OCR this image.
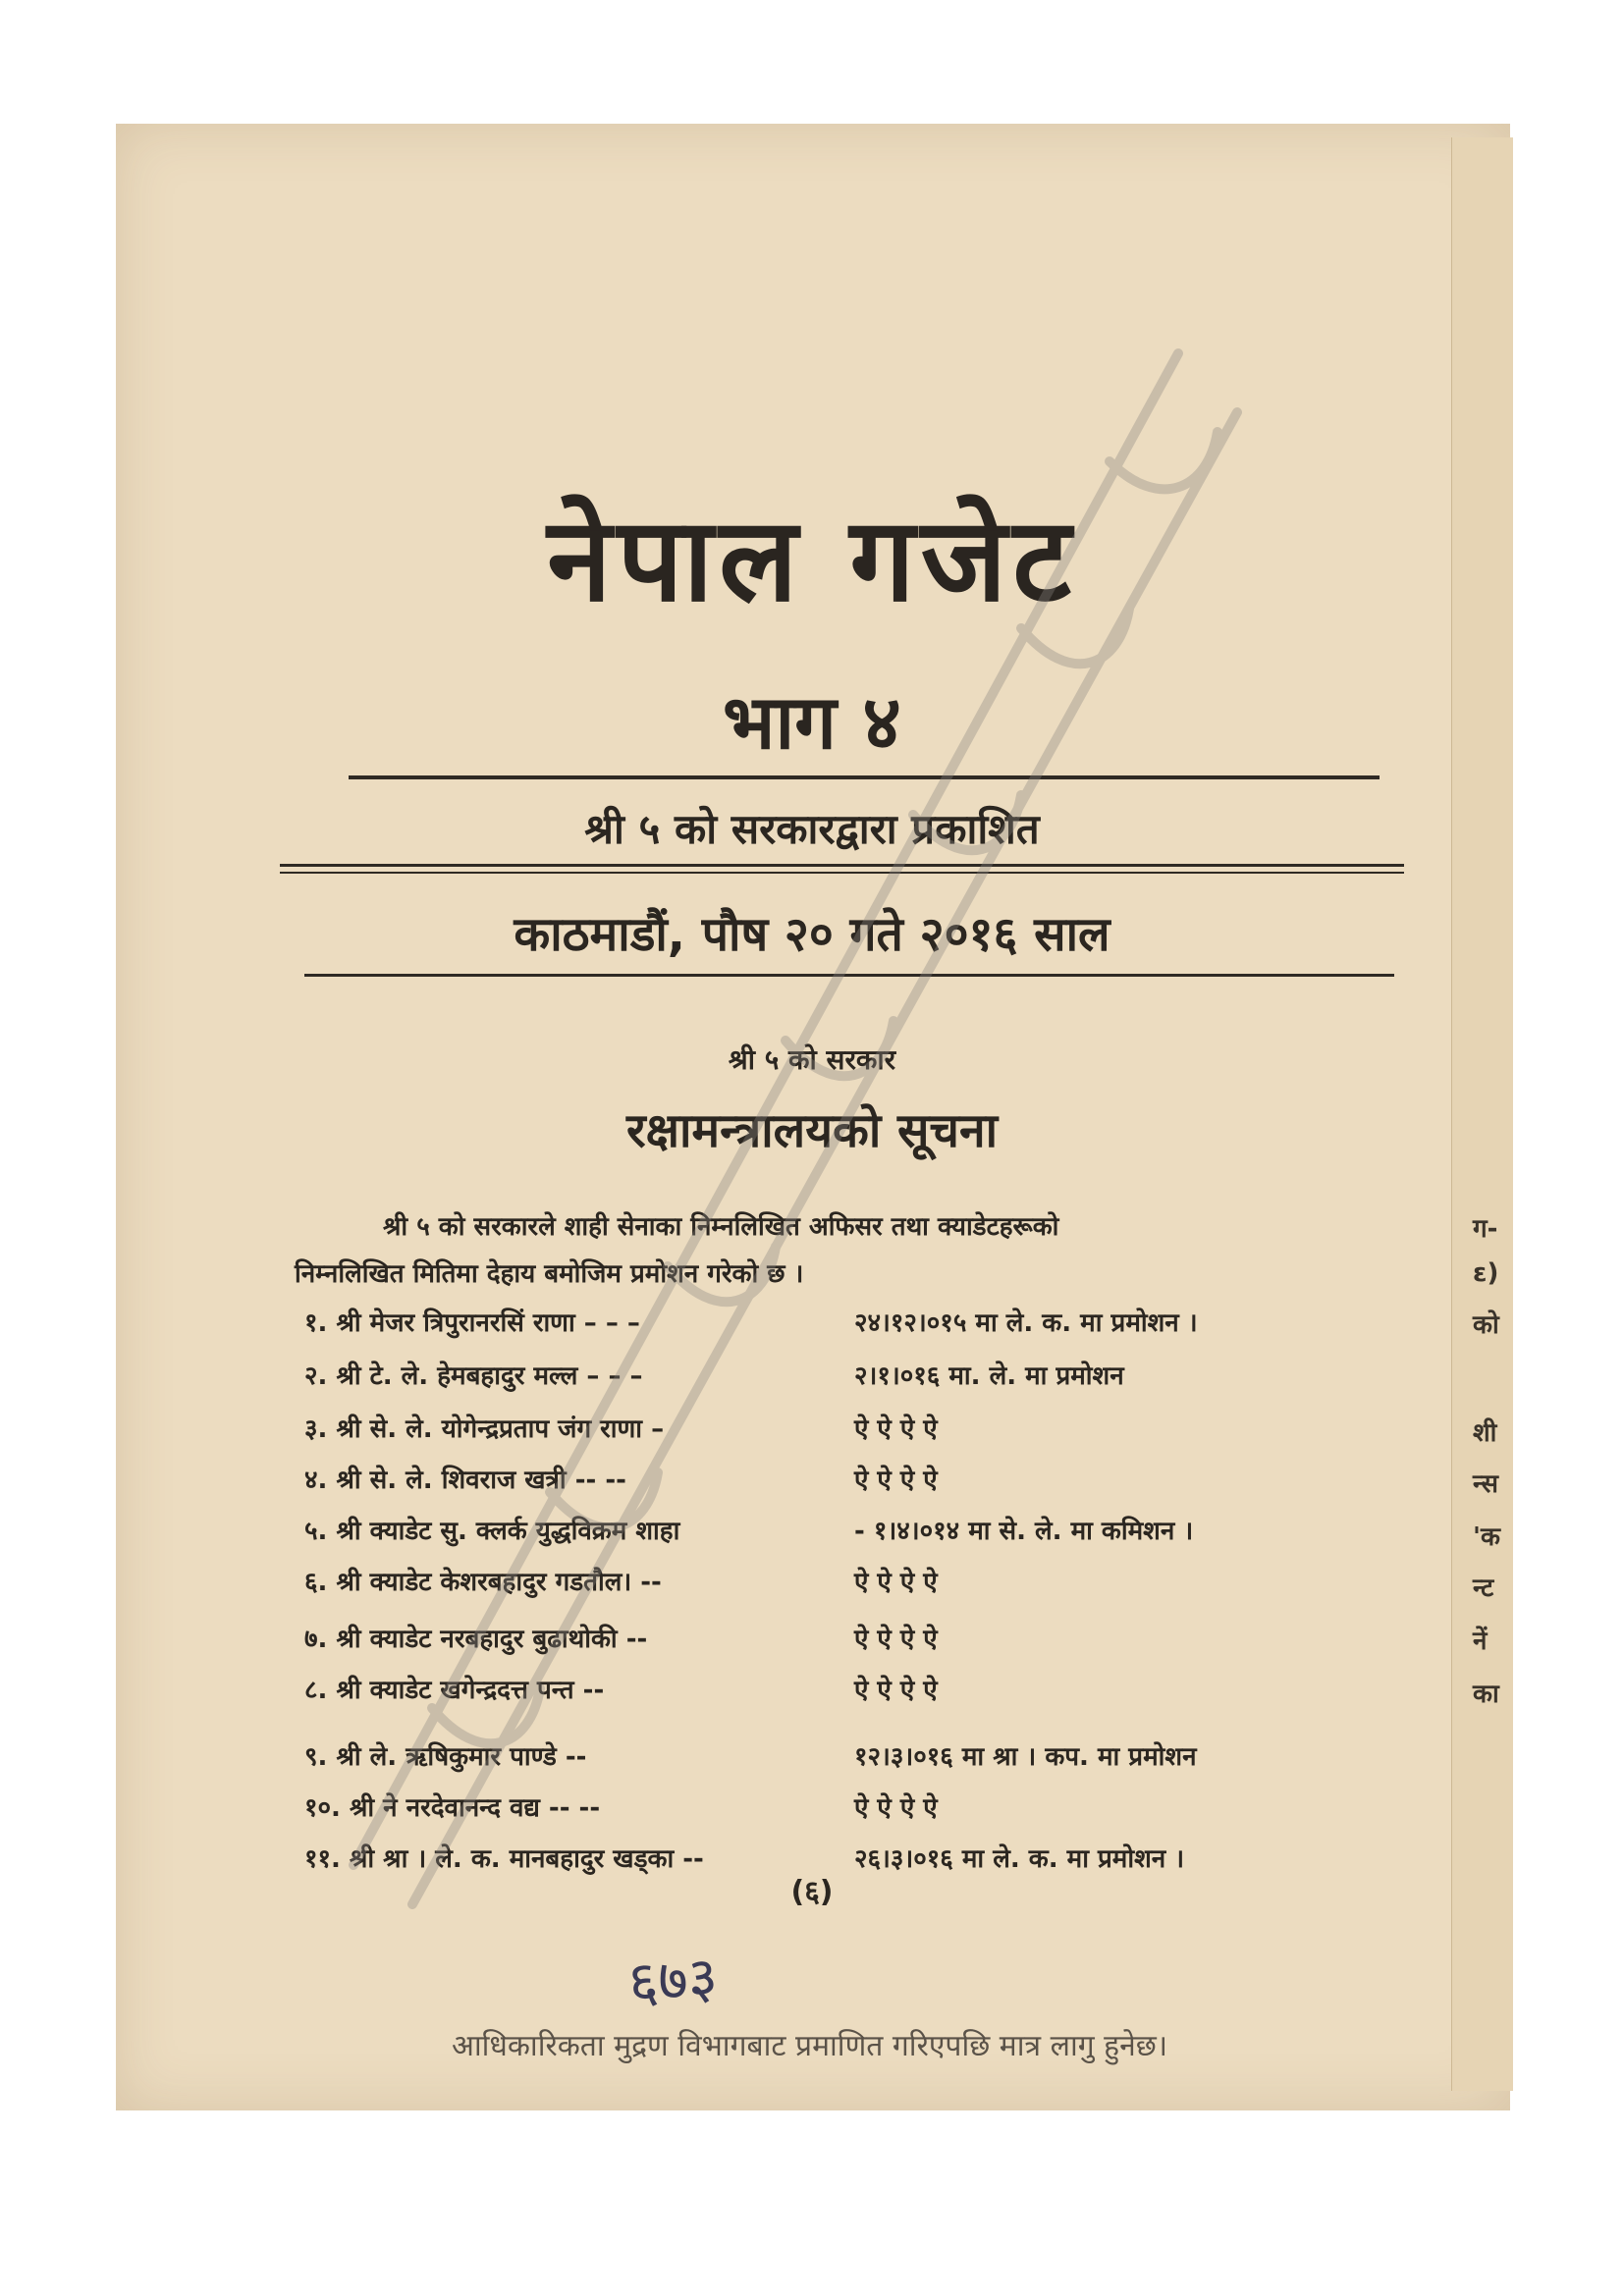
नेपाल गजेट
भाग ४
श्री ५ को सरकारद्वारा प्रकाशित
काठमाडौं, पौष २० गते २०१६ साल
श्री ५ को सरकार
रक्षामन्त्रालयको सूचना
श्री ५ को सरकारले शाही सेनाका निम्नलिखित अफिसर तथा क्याडेटहरूको
निम्नलिखित मितिमा देहाय बमोजिम प्रमोशन गरेको छ ।
१. श्री मेजर त्रिपुरानरसिं राणा – – –	२४।१२।०१५ मा ले. क. मा प्रमोशन ।
२. श्री टे. ले. हेमबहादुर मल्ल – – –	२।१।०१६ मा. ले. मा प्रमोशन
३. श्री से. ले. योगेन्द्रप्रताप जंग राणा –	ऐ ऐ ऐ ऐ
४. श्री से. ले. शिवराज खत्री -- --	ऐ ऐ ऐ ऐ
५. श्री क्याडेट सु. क्लर्क युद्धविक्रम शाहा	- १।४।०१४ मा से. ले. मा कमिशन ।
६. श्री क्याडेट केशरबहादुर गडतौल। --	ऐ ऐ ऐ ऐ
७. श्री क्याडेट नरबहादुर बुढाथोकी --	ऐ ऐ ऐ ऐ
८. श्री क्याडेट खगेन्द्रदत्त पन्त --	ऐ ऐ ऐ ऐ
९. श्री ले. ऋषिकुमार पाण्डे --	१२।३।०१६ मा श्रा । कप. मा प्रमोशन
१०. श्री ने नरदेवानन्द वद्य -- --	ऐ ऐ ऐ ऐ
११. श्री श्रा । ले. क. मानबहादुर खड्का --	२६।३।०१६ मा ले. क. मा प्रमोशन ।
(६)
६७३
आधिकारिकता मुद्रण विभागबाट प्रमाणित गरिएपछि मात्र लागु हुनेछ।
ग-
ε)
को
शी
न्स
'क
न्ट
नें
का
